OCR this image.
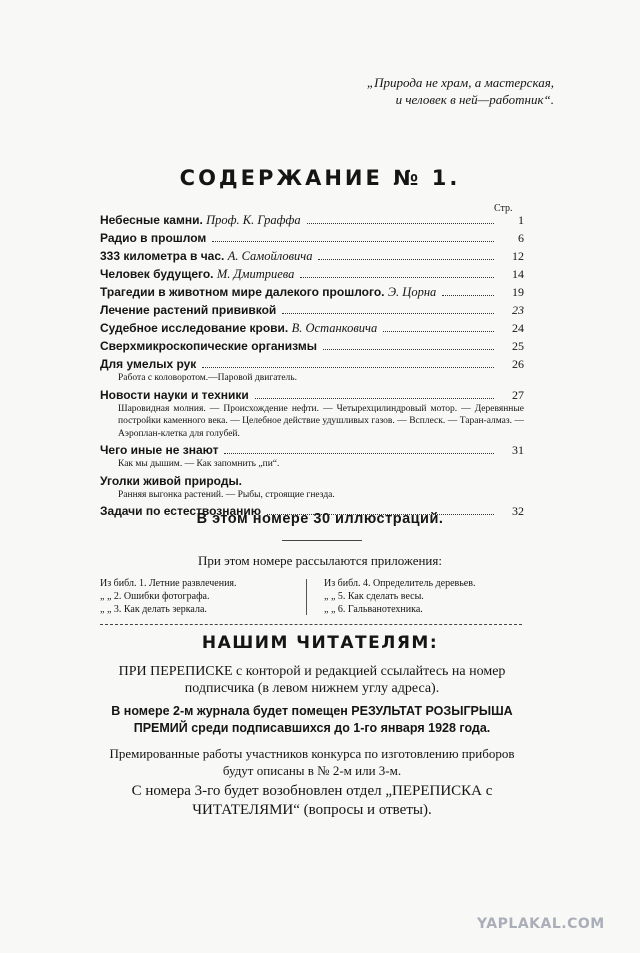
„Природа не храм, а мастерская,
и человек в ней—работник“.
СОДЕРЖАНИЕ № 1.
Стр.
Небесные камни. Проф. К. Граффа	1
Радио в прошлом	6
333 километра в час. А. Самойловича	12
Человек будущего. М. Дмитриева	14
Трагедии в животном мире далекого прошлого. Э. Цорна	19
Лечение растений прививкой	23
Судебное исследование крови. В. Останковича	24
Сверхмикроскопические организмы	25
Для умелых рук	26
Работа с коловоротом.—Паровой двигатель.
Новости науки и техники	27
Шаровидная молния. — Происхождение нефти. — Четырехцилиндровый мотор. — Деревянные постройки каменного века. — Целебное действие удушливых газов. — Всплеск. — Таран-алмаз. — Аэроплан-клетка для голубей.
Чего иные не знают	31
Как мы дышим. — Как запомнить „пи“.
Уголки живой природы.
Ранняя выгонка растений. — Рыбы, строящие гнезда.
Задачи по естествознанию	32
В этом номере 30 иллюстраций.
При этом номере рассылаются приложения:
Из библ. 1. Летние развлечения.
„ „ 2. Ошибки фотографа.
„ „ 3. Как делать зеркала.
Из библ. 4. Определитель деревьев.
„ „ 5. Как сделать весы.
„ „ 6. Гальванотехника.
НАШИМ ЧИТАТЕЛЯМ:
ПРИ ПЕРЕПИСКЕ с конторой и редакцией ссылайтесь на номер подписчика (в левом нижнем углу адреса).
В номере 2-м журнала будет помещен РЕЗУЛЬТАТ РОЗЫГРЫША ПРЕМИЙ среди подписавшихся до 1-го января 1928 года.
Премированные работы участников конкурса по изготовлению приборов будут описаны в № 2-м или 3-м.
С номера 3-го будет возобновлен отдел „ПЕРЕПИСКА с ЧИТАТЕЛЯМИ“ (вопросы и ответы).
YAPLAKAL.COM
